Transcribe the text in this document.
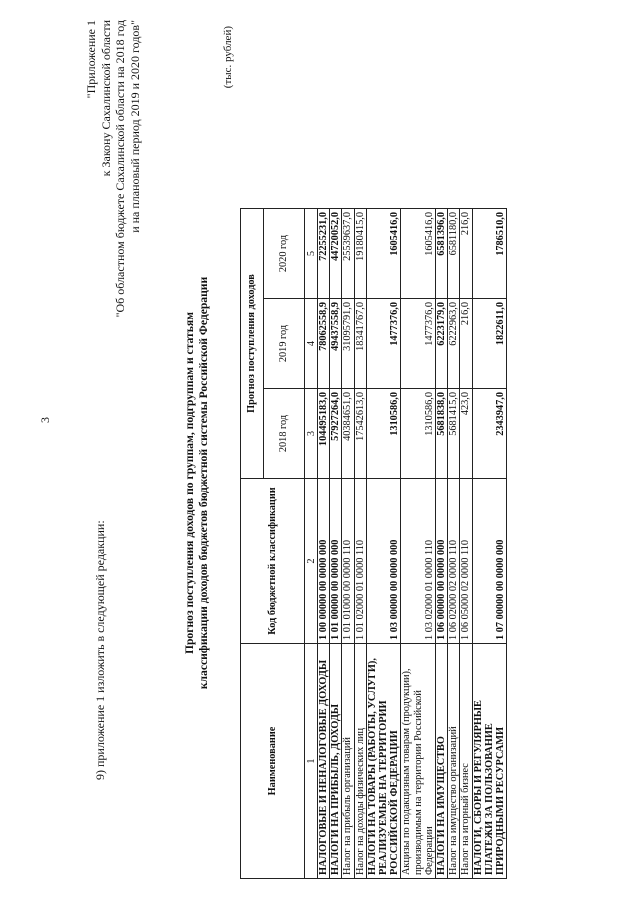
3
9) приложение 1 изложить в следующей редакции:
"Приложение 1 к Закону Сахалинской области "Об областном бюджете Сахалинской области на 2018 год и на плановый период 2019 и 2020 годов"
Прогноз поступления доходов по группам, подгруппам и статьям классификации доходов бюджетов бюджетной системы Российской Федерации
(тыс. рублей)
Наименование	Код бюджетной классификации	Прогноз поступления доходов		
		2018 год	2019 год	2020 год
1	2	3	4	5
НАЛОГОВЫЕ И НЕНАЛОГОВЫЕ ДОХОДЫ	1 00 00000 00 0000 000	104495183,0	78062558,9	72255231,0
НАЛОГИ НА ПРИБЫЛЬ, ДОХОДЫ	1 01 00000 00 0000 000	57927264,0	49437558,9	44720052,0
Налог на прибыль организаций	1 01 01000 00 0000 110	40384651,0	31095791,0	25539637,0
Налог на доходы физических лиц	1 01 02000 01 0000 110	17542613,0	18341767,0	19180415,0
НАЛОГИ НА ТОВАРЫ (РАБОТЫ, УСЛУГИ), РЕАЛИЗУЕМЫЕ НА ТЕРРИТОРИИ РОССИЙСКОЙ ФЕДЕРАЦИИ	1 03 00000 00 0000 000	1310586,0	1477376,0	1605416,0
Акцизы по подакцизным товарам (продукции), производимым на территории Российской Федерации	1 03 02000 01 0000 110	1310586,0	1477376,0	1605416,0
НАЛОГИ НА ИМУЩЕСТВО	1 06 00000 00 0000 000	5681838,0	6223179,0	6581396,0
Налог на имущество организаций	1 06 02000 02 0000 110	5681415,0	6222963,0	6581180,0
Налог на игорный бизнес	1 06 05000 02 0000 110	423,0	216,0	216,0
НАЛОГИ, СБОРЫ И РЕГУЛЯРНЫЕ ПЛАТЕЖИ ЗА ПОЛЬЗОВАНИЕ ПРИРОДНЫМИ РЕСУРСАМИ	1 07 00000 00 0000 000	2343947,0	1822611,0	1786510,0
